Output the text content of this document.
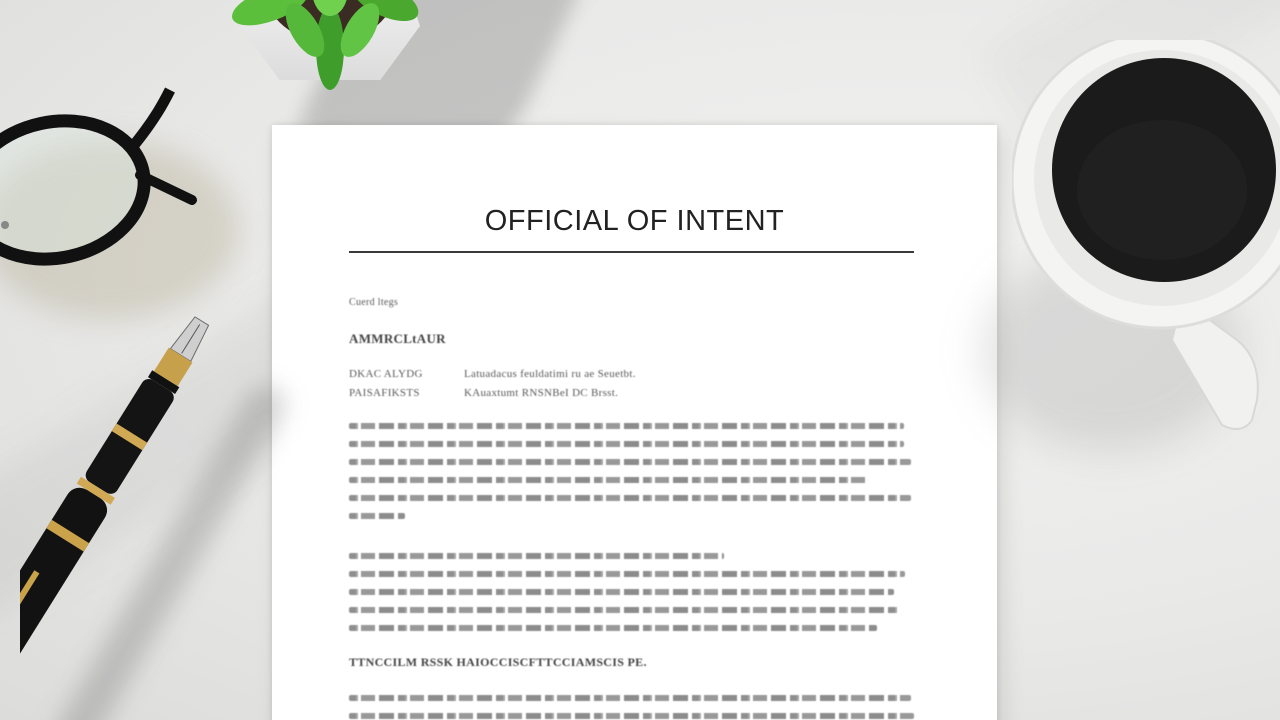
OFFICIAL OF INTENT
Cuerd ltegs
AMMRCLtAUR
DKAC ALYDG	Latuadacus feuldatimi ru ae Seuetbt.
PAISAFIKSTS	KAuaxtumt RNSNBeI DC Brsst.
TTNCCILM RSSK HAIOCCISCFTTCCIAMSCIS PE.
